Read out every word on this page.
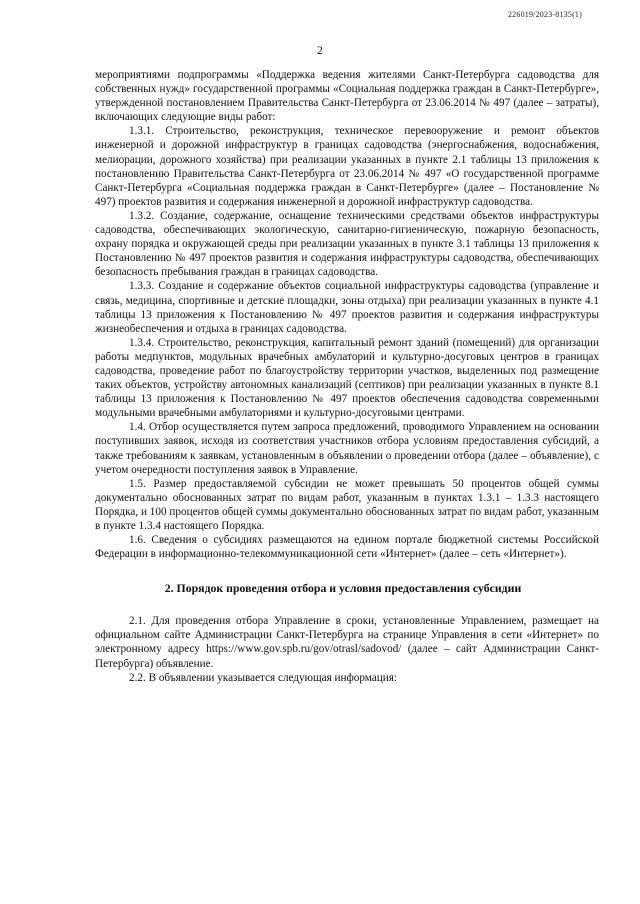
226019/2023-8135(1)
2

мероприятиями подпрограммы «Поддержка ведения жителями Санкт-Петербурга садоводства для собственных нужд» государственной программы «Социальная поддержка граждан в Санкт-Петербурге», утвержденной постановлением Правительства Санкт-Петербурга от 23.06.2014 № 497 (далее – затраты), включающих следующие виды работ:

1.3.1. Строительство, реконструкция, техническое перевооружение и ремонт объектов инженерной и дорожной инфраструктур в границах садоводства (энергоснабжения, водоснабжения, мелиорации, дорожного хозяйства) при реализации указанных в пункте 2.1 таблицы 13 приложения к постановлению Правительства Санкт-Петербурга от 23.06.2014 № 497 «О государственной программе Санкт-Петербурга «Социальная поддержка граждан в Санкт-Петербурге» (далее – Постановление № 497) проектов развития и содержания инженерной и дорожной инфраструктур садоводства.

1.3.2. Создание, содержание, оснащение техническими средствами объектов инфраструктуры садоводства, обеспечивающих экологическую, санитарно-гигиеническую, пожарную безопасность, охрану порядка и окружающей среды при реализации указанных в пункте 3.1 таблицы 13 приложения к Постановлению № 497 проектов развития и содержания инфраструктуры садоводства, обеспечивающих безопасность пребывания граждан в границах садоводства.

1.3.3. Создание и содержание объектов социальной инфраструктуры садоводства (управление и связь, медицина, спортивные и детские площадки, зоны отдыха) при реализации указанных в пункте 4.1 таблицы 13 приложения к Постановлению № 497 проектов развития и содержания инфраструктуры жизнеобеспечения и отдыха в границах садоводства.

1.3.4. Строительство, реконструкция, капитальный ремонт зданий (помещений) для организации работы медпунктов, модульных врачебных амбулаторий и культурно-досуговых центров в границах садоводства, проведение работ по благоустройству территории участков, выделенных под размещение таких объектов, устройству автономных канализаций (септиков) при реализации указанных в пункте 8.1 таблицы 13 приложения к Постановлению № 497 проектов обеспечения садоводства современными модульными врачебными амбулаториями и культурно-досуговыми центрами.

1.4. Отбор осуществляется путем запроса предложений, проводимого Управлением на основании поступивших заявок, исходя из соответствия участников отбора условиям предоставления субсидий, а также требованиям к заявкам, установленным в объявлении о проведении отбора (далее – объявление), с учетом очередности поступления заявок в Управление.

1.5. Размер предоставляемой субсидии не может превышать 50 процентов общей суммы документально обоснованных затрат по видам работ, указанным в пунктах 1.3.1 – 1.3.3 настоящего Порядка, и 100 процентов общей суммы документально обоснованных затрат по видам работ, указанным в пункте 1.3.4 настоящего Порядка.

1.6. Сведения о субсидиях размещаются на едином портале бюджетной системы Российской Федерации в информационно-телекоммуникационной сети «Интернет» (далее – сеть «Интернет»).

2. Порядок проведения отбора и условия предоставления субсидии

2.1. Для проведения отбора Управление в сроки, установленные Управлением, размещает на официальном сайте Администрации Санкт-Петербурга на странице Управления в сети «Интернет» по электронному адресу https://www.gov.spb.ru/gov/otrasl/sadovod/ (далее – сайт Администрации Санкт-Петербурга) объявление.

2.2. В объявлении указывается следующая информация:
